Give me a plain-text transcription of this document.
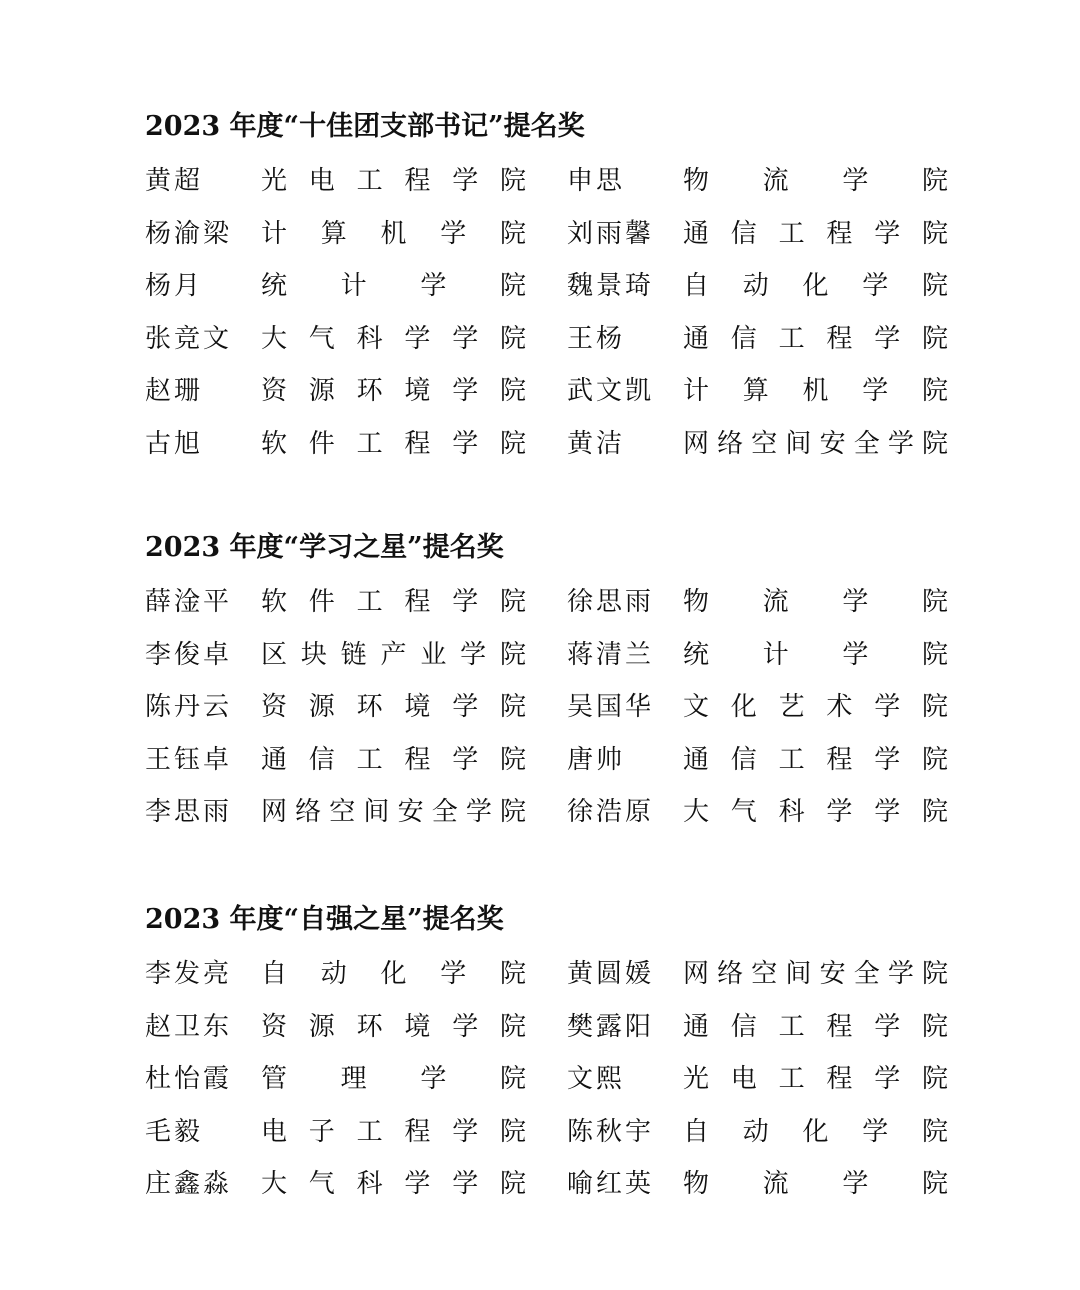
2023 年度“十佳团支部书记”提名奖
黄超	光 电 工 程 学 院 申思	物 流 学 院
杨渝梁	计 算 机 学 院 刘雨馨	通 信 工 程 学 院
杨月	统 计 学 院 魏景琦	自 动 化 学 院
张竞文	大 气 科 学 学 院 王杨	通 信 工 程 学 院
赵珊	资 源 环 境 学 院 武文凯	计 算 机 学 院
古旭	软 件 工 程 学 院 黄洁	网 络 空 间 安 全 学 院
2023 年度“学习之星”提名奖
薛淦平	软 件 工 程 学 院 徐思雨	物 流 学 院
李俊卓	区 块 链 产 业 学 院 蒋清兰	统 计 学 院
陈丹云	资 源 环 境 学 院 吴国华	文 化 艺 术 学 院
王钰卓	通 信 工 程 学 院 唐帅	通 信 工 程 学 院
李思雨	网 络 空 间 安 全 学 院 徐浩原	大 气 科 学 学 院
2023 年度“自强之星”提名奖
李发亮	自 动 化 学 院 黄圆媛	网 络 空 间 安 全 学 院
赵卫东	资 源 环 境 学 院 樊露阳	通 信 工 程 学 院
杜怡霞	管 理 学 院 文熙	光 电 工 程 学 院
毛毅	电 子 工 程 学 院 陈秋宇	自 动 化 学 院
庄鑫淼	大 气 科 学 学 院 喻红英	物 流 学 院
